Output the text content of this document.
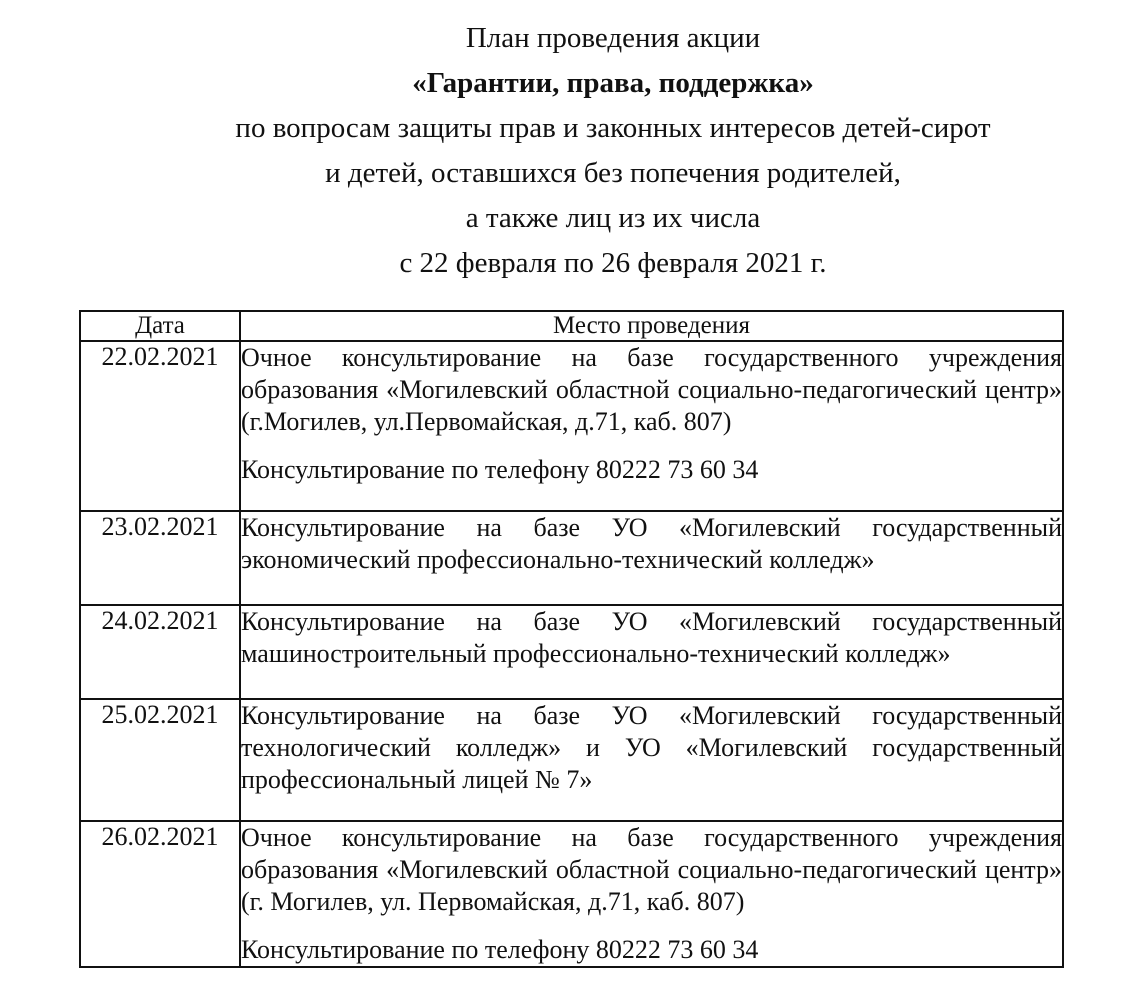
План проведения акции
«Гарантии, права, поддержка»
по вопросам защиты прав и законных интересов детей-сирот
и детей, оставшихся без попечения родителей,
а также лиц из их числа
с 22 февраля по 26 февраля 2021 г.
Дата	Место проведения
22.02.2021	Очное консультирование на базе государственного учреждения образования «Могилевский областной социально-педагогический центр» (г.Могилев, ул.Первомайская, д.71, каб. 807)

Консультирование по телефону 80222 73 60 34

23.02.2021	Консультирование на базе УО «Могилевский государственный экономический профессионально-технический колледж»

24.02.2021	Консультирование на базе УО «Могилевский государственный машиностроительный профессионально-технический колледж»

25.02.2021	Консультирование на базе УО «Могилевский государственный технологический колледж» и УО «Могилевский государственный профессиональный лицей № 7»

26.02.2021	Очное консультирование на базе государственного учреждения образования «Могилевский областной социально-педагогический центр» (г. Могилев, ул. Первомайская, д.71, каб. 807)

Консультирование по телефону 80222 73 60 34
